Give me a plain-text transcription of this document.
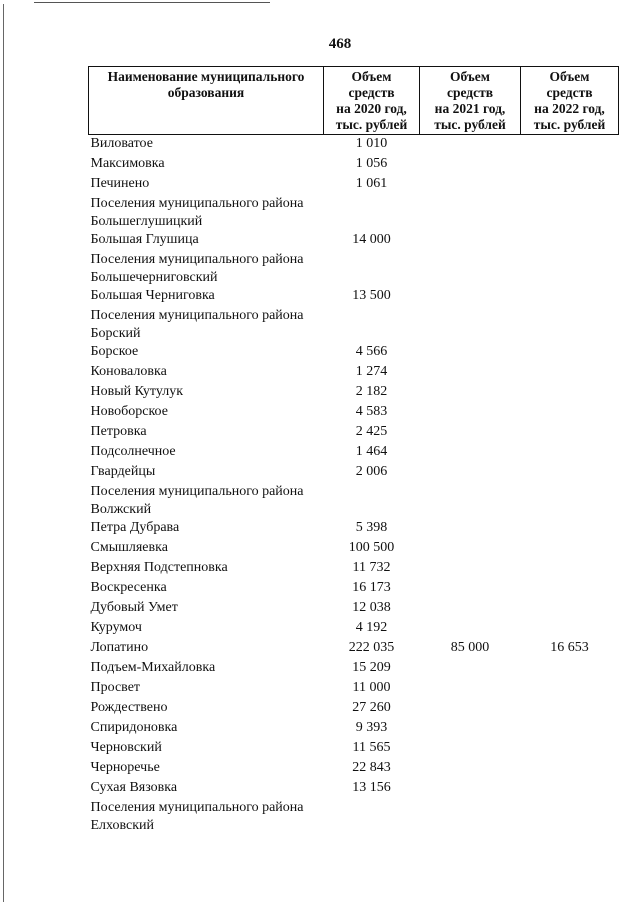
468
Наименование муниципального
образования	Объем
средств
на 2020 год,
тыс. рублей	Объем
средств
на 2021 год,
тыс. рублей	Объем
средств
на 2022 год,
тыс. рублей

Виловатое	1 010		
Максимовка	1 056		
Печинено	1 061		
Поселения муниципального района Большеглушицкий			
Большая Глушица	14 000		
Поселения муниципального района Большечерниговский			
Большая Черниговка	13 500		
Поселения муниципального района Борский			
Борское	4 566		
Коноваловка	1 274		
Новый Кутулук	2 182		
Новоборское	4 583		
Петровка	2 425		
Подсолнечное	1 464		
Гвардейцы	2 006		
Поселения муниципального района Волжский			
Петра Дубрава	5 398		
Смышляевка	100 500		
Верхняя Подстепновка	11 732		
Воскресенка	16 173		
Дубовый Умет	12 038		
Курумоч	4 192		
Лопатино	222 035	85 000	16 653
Подъем-Михайловка	15 209		
Просвет	11 000		
Рождествено	27 260		
Спиридоновка	9 393		
Черновский	11 565		
Черноречье	22 843		
Сухая Вязовка	13 156		
Поселения муниципального района Елховский			
